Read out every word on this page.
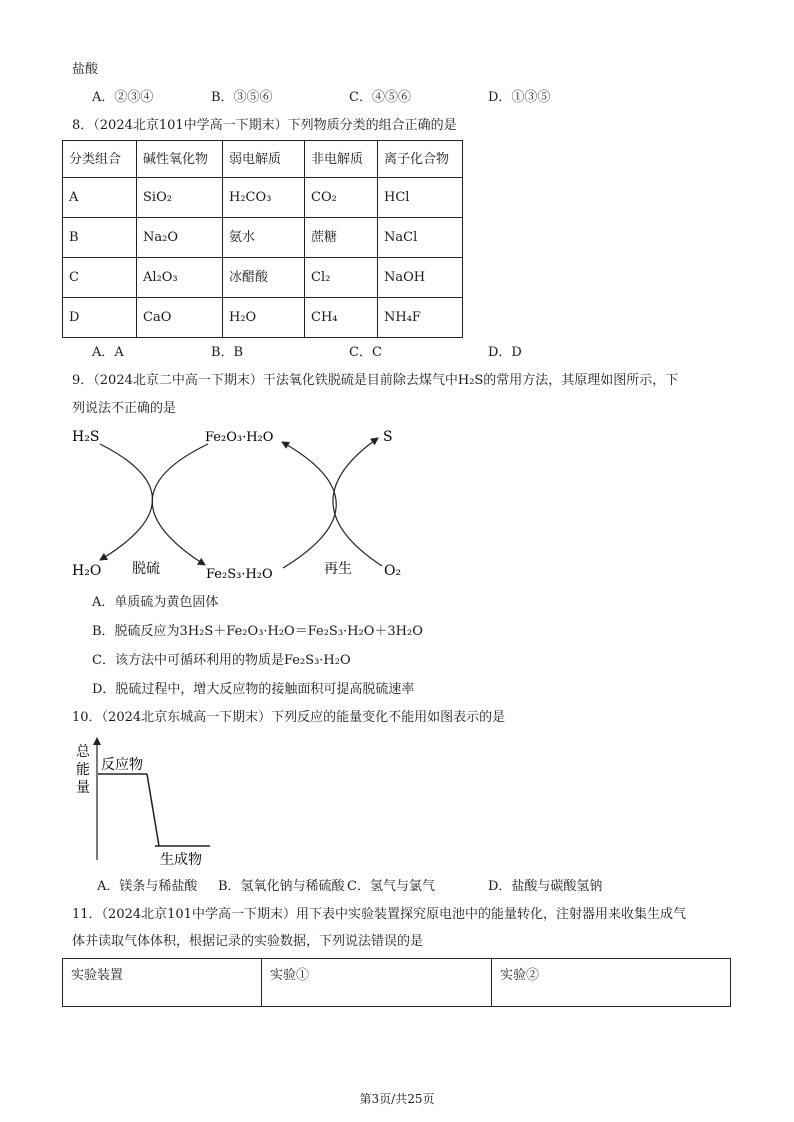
盐酸
A．②③④	B．③⑤⑥	C．④⑤⑥	D．①③⑤
8．（2024北京101中学高一下期末）下列物质分类的组合正确的是
分类组合	碱性氧化物	弱电解质	非电解质	离子化合物
A	SiO₂	H₂CO₃	CO₂	HCl
B	Na₂O	氨水	蔗糖	NaCl
C	Al₂O₃	冰醋酸	Cl₂	NaOH
D	CaO	H₂O	CH₄	NH₄F
A．A	B．B	C．C	D．D
9．（2024北京二中高一下期末）干法氧化铁脱硫是目前除去煤气中H₂S的常用方法，其原理如图所示，下
列说法不正确的是
H₂S	Fe₂O₃·H₂O	S
H₂O 脱硫	Fe₂S₃·H₂O	再生 O₂
A．单质硫为黄色固体
B．脱硫反应为3H₂S＋Fe₂O₃·H₂O＝Fe₂S₃·H₂O＋3H₂O
C．该方法中可循环利用的物质是Fe₂S₃·H₂O
D．脱硫过程中，增大反应物的接触面积可提高脱硫速率
10．（2024北京东城高一下期末）下列反应的能量变化不能用如图表示的是
总
能
量
反应物
生成物
A．镁条与稀盐酸 B．氢氧化钠与稀硫酸 C．氢气与氯气	D．盐酸与碳酸氢钠
11．（2024北京101中学高一下期末）用下表中实验装置探究原电池中的能量转化，注射器用来收集生成气
体并读取气体体积，根据记录的实验数据，下列说法错误的是
实验装置	实验①	实验②
第3页/共25页
